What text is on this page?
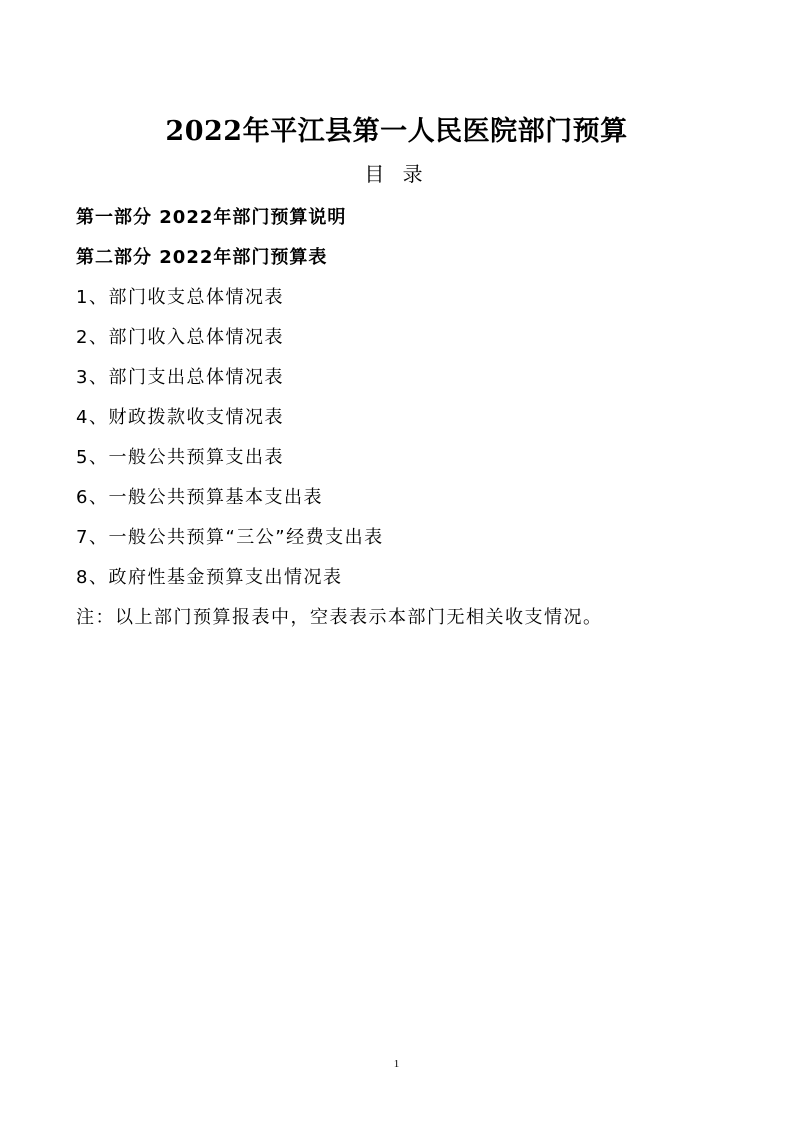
2022年平江县第一人民医院部门预算
目 录
第一部分 2022年部门预算说明
第二部分 2022年部门预算表
1、部门收支总体情况表
2、部门收入总体情况表
3、部门支出总体情况表
4、财政拨款收支情况表
5、一般公共预算支出表
6、一般公共预算基本支出表
7、一般公共预算“三公”经费支出表
8、政府性基金预算支出情况表
注：以上部门预算报表中，空表表示本部门无相关收支情况。
1
